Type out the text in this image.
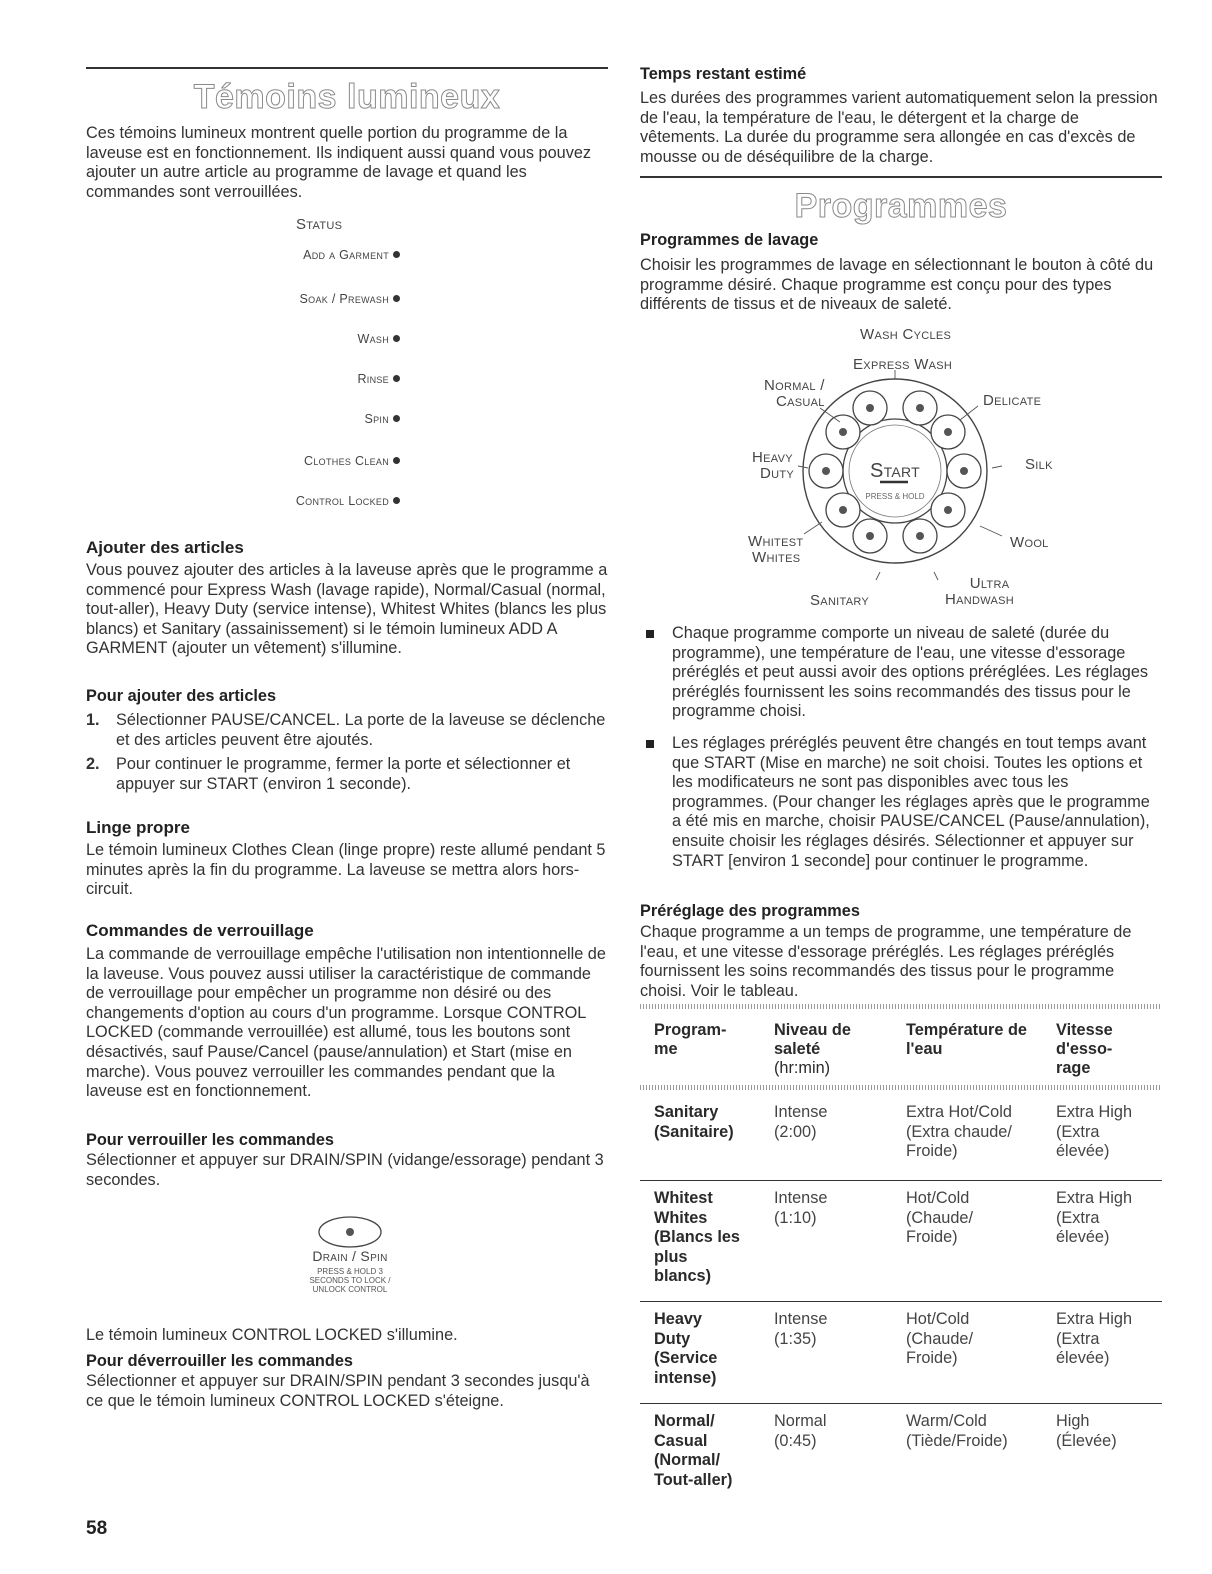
Témoins lumineux

Ces témoins lumineux montrent quelle portion du programme de la laveuse est en fonctionnement. Ils indiquent aussi quand vous pouvez ajouter un autre article au programme de lavage et quand les commandes sont verrouillées.

Status
Add a Garment
Soak / Prewash
Wash
Rinse
Spin
Clothes Clean
Control Locked
Ajouter des articles

Vous pouvez ajouter des articles à la laveuse après que le programme a commencé pour Express Wash (lavage rapide), Normal/Casual (normal, tout-aller), Heavy Duty (service intense), Whitest Whites (blancs les plus blancs) et Sanitary (assainissement) si le témoin lumineux ADD A GARMENT (ajouter un vêtement) s'illumine.

Pour ajouter des articles
1. Sélectionner PAUSE/CANCEL. La porte de la laveuse se déclenche et des articles peuvent être ajoutés.
2. Pour continuer le programme, fermer la porte et sélectionner et appuyer sur START (environ 1 seconde).
Linge propre

Le témoin lumineux Clothes Clean (linge propre) reste allumé pendant 5 minutes après la fin du programme. La laveuse se mettra alors hors-circuit.

Commandes de verrouillage

La commande de verrouillage empêche l'utilisation non intentionnelle de la laveuse. Vous pouvez aussi utiliser la caractéristique de commande de verrouillage pour empêcher un programme non désiré ou des changements d'option au cours d'un programme. Lorsque CONTROL LOCKED (commande verrouillée) est allumé, tous les boutons sont désactivés, sauf Pause/Cancel (pause/annulation) et Start (mise en marche). Vous pouvez verrouiller les commandes pendant que la laveuse est en fonctionnement.

Pour verrouiller les commandes

Sélectionner et appuyer sur DRAIN/SPIN (vidange/essorage) pendant 3 secondes.

Drain / Spin
PRESS & HOLD 3
SECONDS TO LOCK /
UNLOCK CONTROL

Le témoin lumineux CONTROL LOCKED s'illumine.

Pour déverrouiller les commandes

Sélectionner et appuyer sur DRAIN/SPIN pendant 3 secondes jusqu'à ce que le témoin lumineux CONTROL LOCKED s'éteigne.

58
Temps restant estimé

Les durées des programmes varient automatiquement selon la pression de l'eau, la température de l'eau, le détergent et la charge de vêtements. La durée du programme sera allongée en cas d'excès de mousse ou de déséquilibre de la charge.

Programmes
Programmes de lavage

Choisir les programmes de lavage en sélectionnant le bouton à côté du programme désiré. Chaque programme est conçu pour des types différents de tissus et de niveaux de saleté.

Wash Cycles
Express Wash
Normal /
Casual	Delicate
Heavy
Duty
Silk
Whitest
Whites
Wool
Sanitary
Ultra
Handwash
Start
PRESS & HOLD
Chaque programme comporte un niveau de saleté (durée du programme), une température de l'eau, une vitesse d'essorage préréglés et peut aussi avoir des options préréglées. Les réglages préréglés fournissent les soins recommandés des tissus pour le programme choisi.
Les réglages préréglés peuvent être changés en tout temps avant que START (Mise en marche) ne soit choisi. Toutes les options et les modificateurs ne sont pas disponibles avec tous les programmes. (Pour changer les réglages après que le programme a été mis en marche, choisir PAUSE/CANCEL (Pause/annulation), ensuite choisir les réglages désirés. Sélectionner et appuyer sur START [environ 1 seconde] pour continuer le programme.
Préréglage des programmes

Chaque programme a un temps de programme, une température de l'eau, et une vitesse d'essorage préréglés. Les réglages préréglés fournissent les soins recommandés des tissus pour le programme choisi. Voir le tableau.

Program-
me
Niveau de
saleté
(hr:min)
Température de
l'eau
Vitesse
d'esso-
rage
Sanitary
(Sanitaire)
Intense
(2:00)
Extra Hot/Cold
(Extra chaude/
Froide)
Extra High
(Extra
élevée)
Whitest
Whites
(Blancs les
plus
blancs)
Intense
(1:10)
Hot/Cold
(Chaude/
Froide)
Extra High
(Extra
élevée)
Heavy
Duty
(Service
intense)
Intense
(1:35)
Hot/Cold
(Chaude/
Froide)
Extra High
(Extra
élevée)
Normal/
Casual
(Normal/
Tout-aller)
Normal
(0:45)
Warm/Cold
(Tiède/Froide)
High
(Élevée)
